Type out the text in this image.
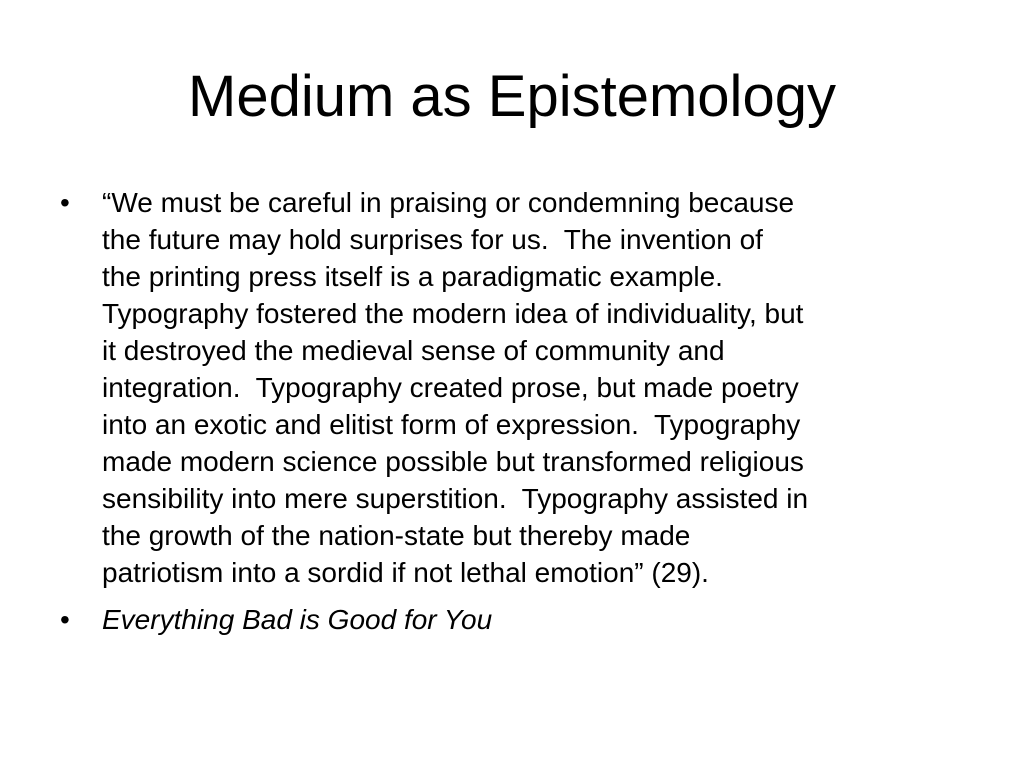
Medium as Epistemology
•	“We must be careful in praising or condemning because
the future may hold surprises for us.  The invention of
the printing press itself is a paradigmatic example.
Typography fostered the modern idea of individuality, but
it destroyed the medieval sense of community and
integration.  Typography created prose, but made poetry
into an exotic and elitist form of expression.  Typography
made modern science possible but transformed religious
sensibility into mere superstition.  Typography assisted in
the growth of the nation-state but thereby made
patriotism into a sordid if not lethal emotion” (29).
•	Everything Bad is Good for You
